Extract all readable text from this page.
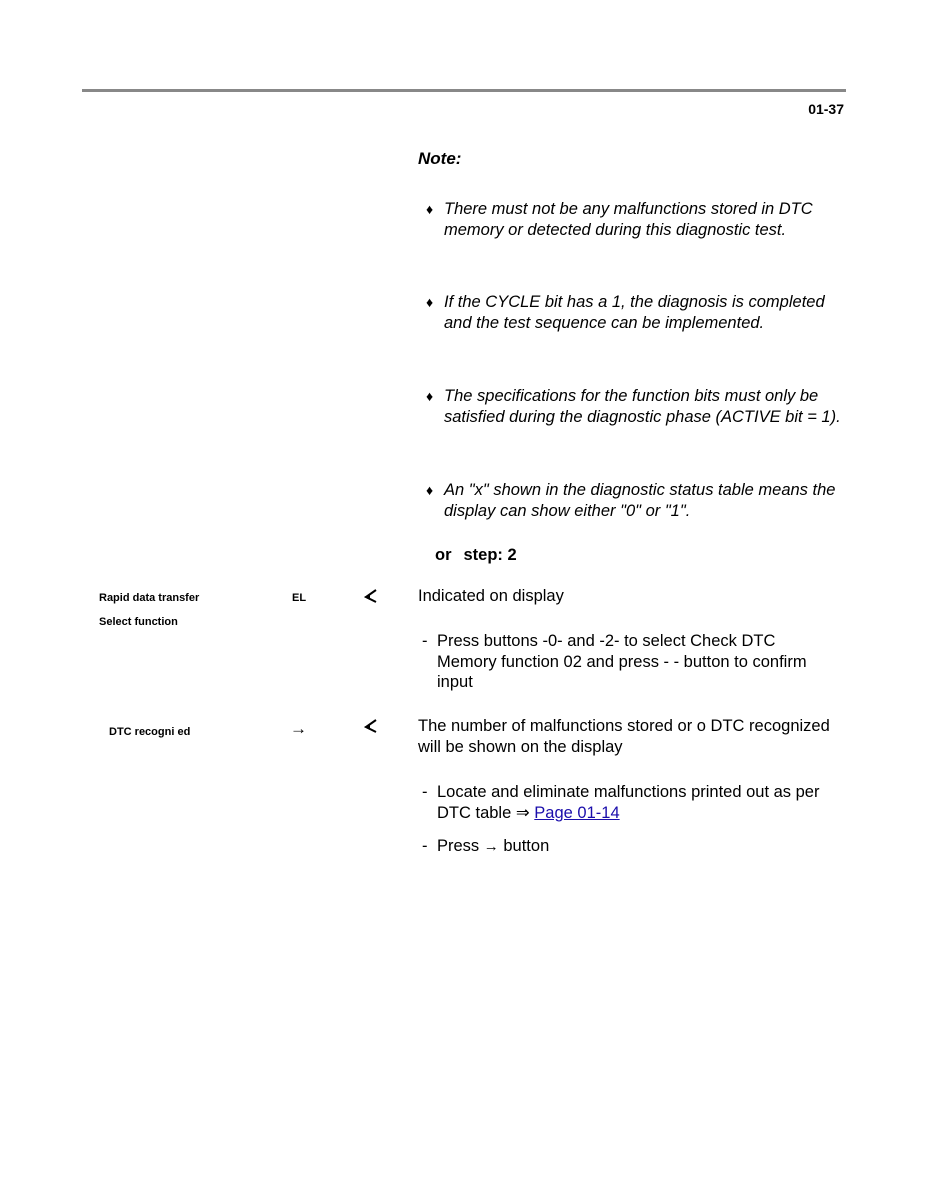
01-37
Note:
♦ There must not be any malfunctions stored in DTC memory or detected during this diagnostic test.
♦ If the CYCLE bit has a 1, the diagnosis is completed and the test sequence can be implemented.
♦ The specifications for the function bits must only be satisfied during the diagnostic phase (ACTIVE bit = 1).
♦ An "x" shown in the diagnostic status table means the display can show either "0" or "1".
or step: 2
Rapid data transfer
Select function
EL	Indicated on display
- Press buttons -0- and -2- to select Check DTC Memory function 02 and press - - button to confirm input
DTC recogni ed	→	The number of malfunctions stored or o DTC recognized will be shown on the display
- Locate and eliminate malfunctions printed out as per DTC table ⇒ Page 01-14
- Press → button
